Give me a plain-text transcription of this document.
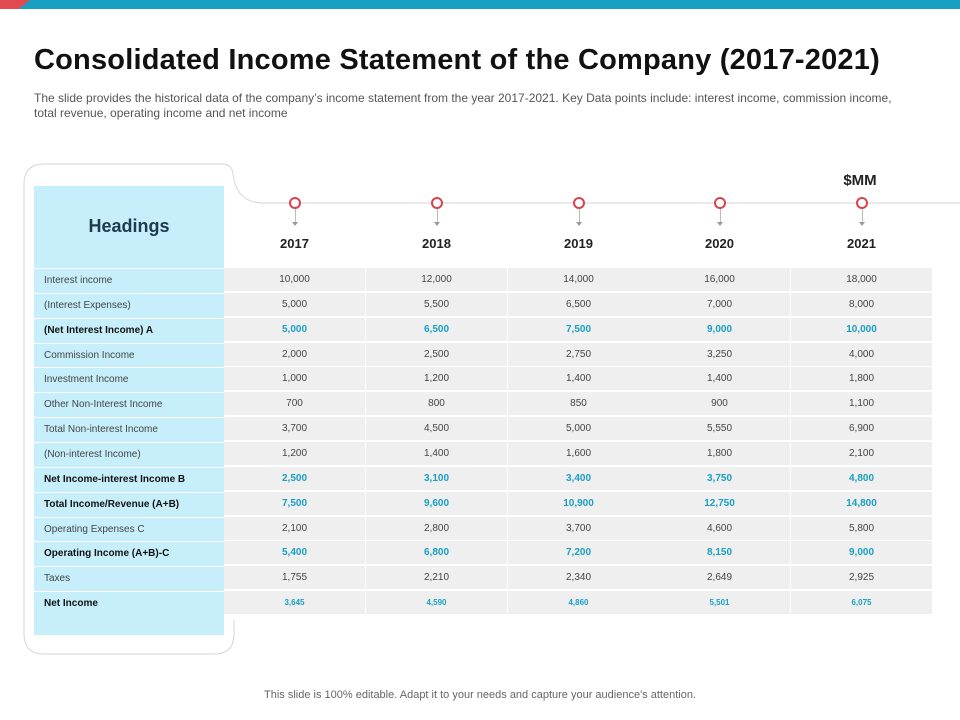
Consolidated Income Statement of the Company (2017-2021)
The slide provides the historical data of the company’s income statement from the year 2017-2021. Key Data points include: interest income, commission income, total revenue, operating income and net income
$MM
2017	2018	2019	2020	2021
Headings
Interest income	10,000	12,000	14,000	16,000	18,000
(Interest Expenses)	5,000	5,500	6,500	7,000	8,000
(Net Interest Income) A	5,000	6,500	7,500	9,000	10,000
Commission Income	2,000	2,500	2,750	3,250	4,000
Investment Income	1,000	1,200	1,400	1,400	1,800
Other Non-Interest Income	700	800	850	900	1,100
Total Non-interest Income	3,700	4,500	5,000	5,550	6,900
(Non-interest Income)	1,200	1,400	1,600	1,800	2,100
Net Income-interest Income B	2,500	3,100	3,400	3,750	4,800
Total Income/Revenue (A+B)	7,500	9,600	10,900	12,750	14,800
Operating Expenses C	2,100	2,800	3,700	4,600	5,800
Operating Income (A+B)-C	5,400	6,800	7,200	8,150	9,000
Taxes	1,755	2,210	2,340	2,649	2,925
Net Income	3,645	4,590	4,860	5,501	6,075
This slide is 100% editable. Adapt it to your needs and capture your audience's attention.
